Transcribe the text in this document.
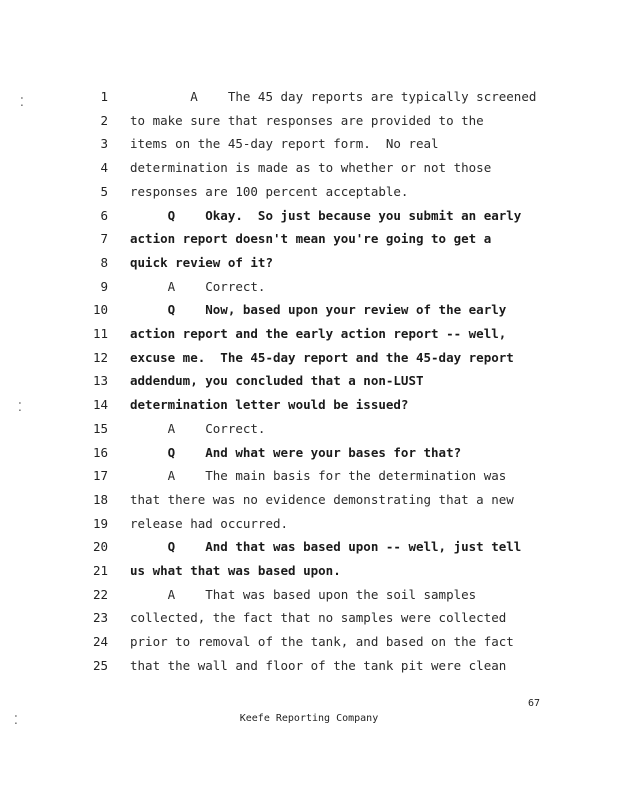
⁚
⁚
⁚
1 A    The 45 day reports are typically screened
2 to make sure that responses are provided to the
3 items on the 45-day report form.  No real
4 determination is made as to whether or not those
5 responses are 100 percent acceptable.
6 Q    Okay.  So just because you submit an early
7 action report doesn't mean you're going to get a
8 quick review of it?
9 A    Correct.
10 Q    Now, based upon your review of the early
11 action report and the early action report -- well,
12 excuse me.  The 45-day report and the 45-day report
13 addendum, you concluded that a non-LUST
14 determination letter would be issued?
15 A    Correct.
16 Q    And what were your bases for that?
17 A    The main basis for the determination was
18 that there was no evidence demonstrating that a new
19 release had occurred.
20 Q    And that was based upon -- well, just tell
21 us what that was based upon.
22 A    That was based upon the soil samples
23 collected, the fact that no samples were collected
24 prior to removal of the tank, and based on the fact
25 that the wall and floor of the tank pit were clean
67
Keefe Reporting Company
